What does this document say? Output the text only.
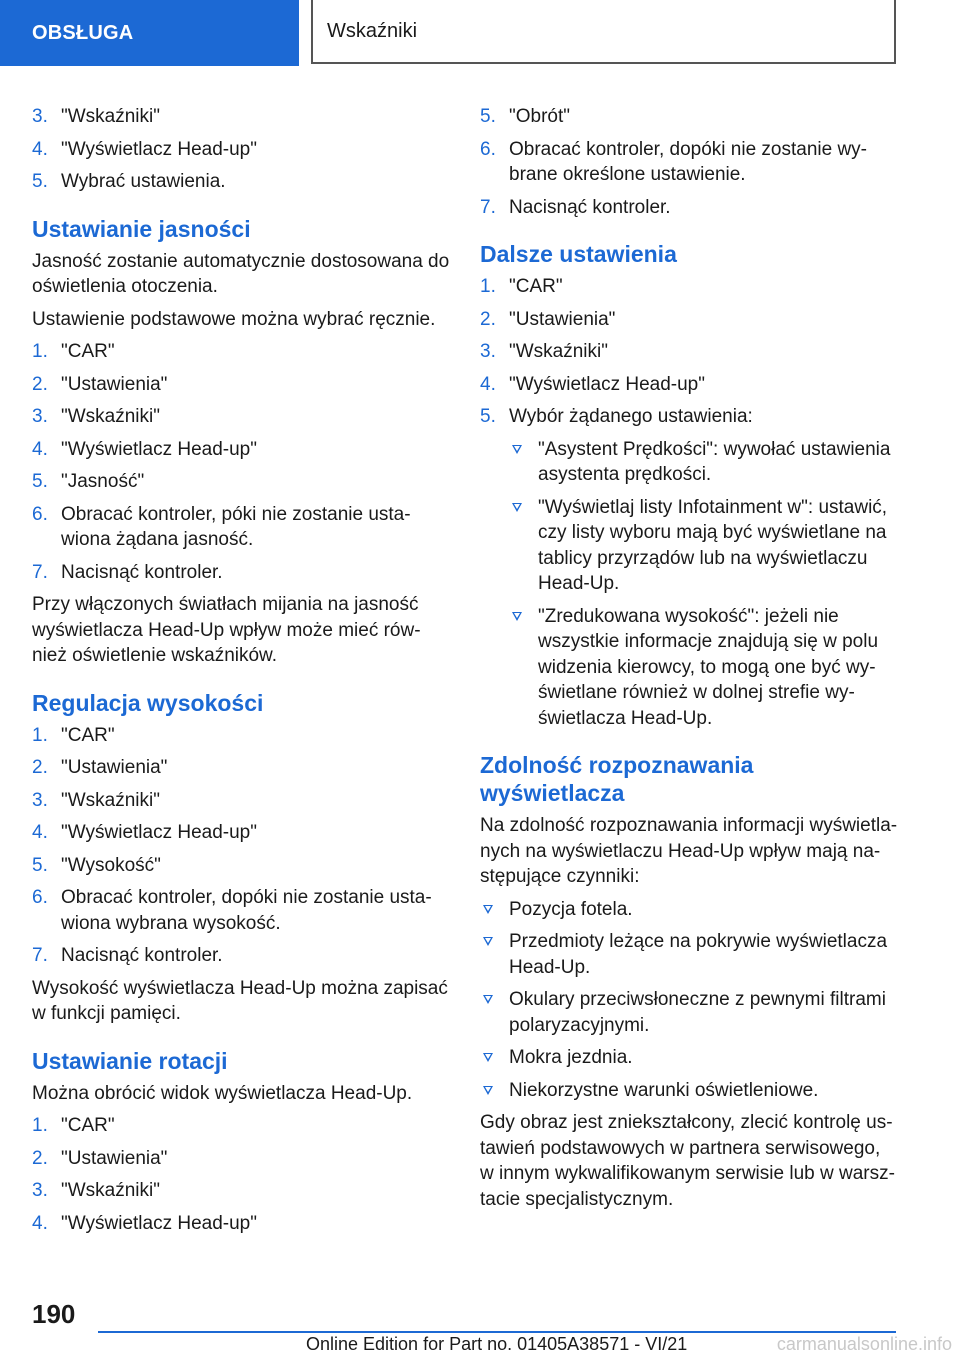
OBSŁUGA	Wskaźniki
3. "Wskaźniki"
4. "Wyświetlacz Head-up"
5. Wybrać ustawienia.
Ustawianie jasności
Jasność zostanie automatycznie dostosowana do oświetlenia otoczenia.
Ustawienie podstawowe można wybrać ręcznie.
1. "CAR"
2. "Ustawienia"
3. "Wskaźniki"
4. "Wyświetlacz Head-up"
5. "Jasność"
6. Obracać kontroler, póki nie zostanie usta- wiona żądana jasność.
7. Nacisnąć kontroler.
Przy włączonych światłach mijania na jasność wyświetlacza Head-Up wpływ może mieć rów- nież oświetlenie wskaźników.
Regulacja wysokości
1. "CAR"
2. "Ustawienia"
3. "Wskaźniki"
4. "Wyświetlacz Head-up"
5. "Wysokość"
6. Obracać kontroler, dopóki nie zostanie usta- wiona wybrana wysokość.
7. Nacisnąć kontroler.
Wysokość wyświetlacza Head-Up można zapisać w funkcji pamięci.
Ustawianie rotacji
Można obrócić widok wyświetlacza Head-Up.
1. "CAR"
2. "Ustawienia"
3. "Wskaźniki"
4. "Wyświetlacz Head-up"
5. "Obrót"
6. Obracać kontroler, dopóki nie zostanie wy- brane określone ustawienie.
7. Nacisnąć kontroler.
Dalsze ustawienia
1. "CAR"
2. "Ustawienia"
3. "Wskaźniki"
4. "Wyświetlacz Head-up"
5. Wybór żądanego ustawienia:
"Asystent Prędkości": wywołać ustawienia asystenta prędkości.
"Wyświetlaj listy Infotainment w": ustawić, czy listy wyboru mają być wyświetlane na tablicy przyrządów lub na wyświetlaczu Head-Up.
"Zredukowana wysokość": jeżeli nie wszystkie informacje znajdują się w polu widzenia kierowcy, to mogą one być wy- świetlane również w dolnej strefie wy- świetlacza Head-Up.
Zdolność rozpoznawania wyświetlacza
Na zdolność rozpoznawania informacji wyświetla- nych na wyświetlaczu Head-Up wpływ mają na- stępujące czynniki:
Pozycja fotela.
Przedmioty leżące na pokrywie wyświetlacza Head-Up.
Okulary przeciwsłoneczne z pewnymi filtrami polaryzacyjnymi.
Mokra jezdnia.
Niekorzystne warunki oświetleniowe.
Gdy obraz jest zniekształcony, zlecić kontrolę us- tawień podstawowych w partnera serwisowego, w innym wykwalifikowanym serwisie lub w warsz- tacie specjalistycznym.
190
Online Edition for Part no. 01405A38571 - VI/21	carmanualsonline.info
